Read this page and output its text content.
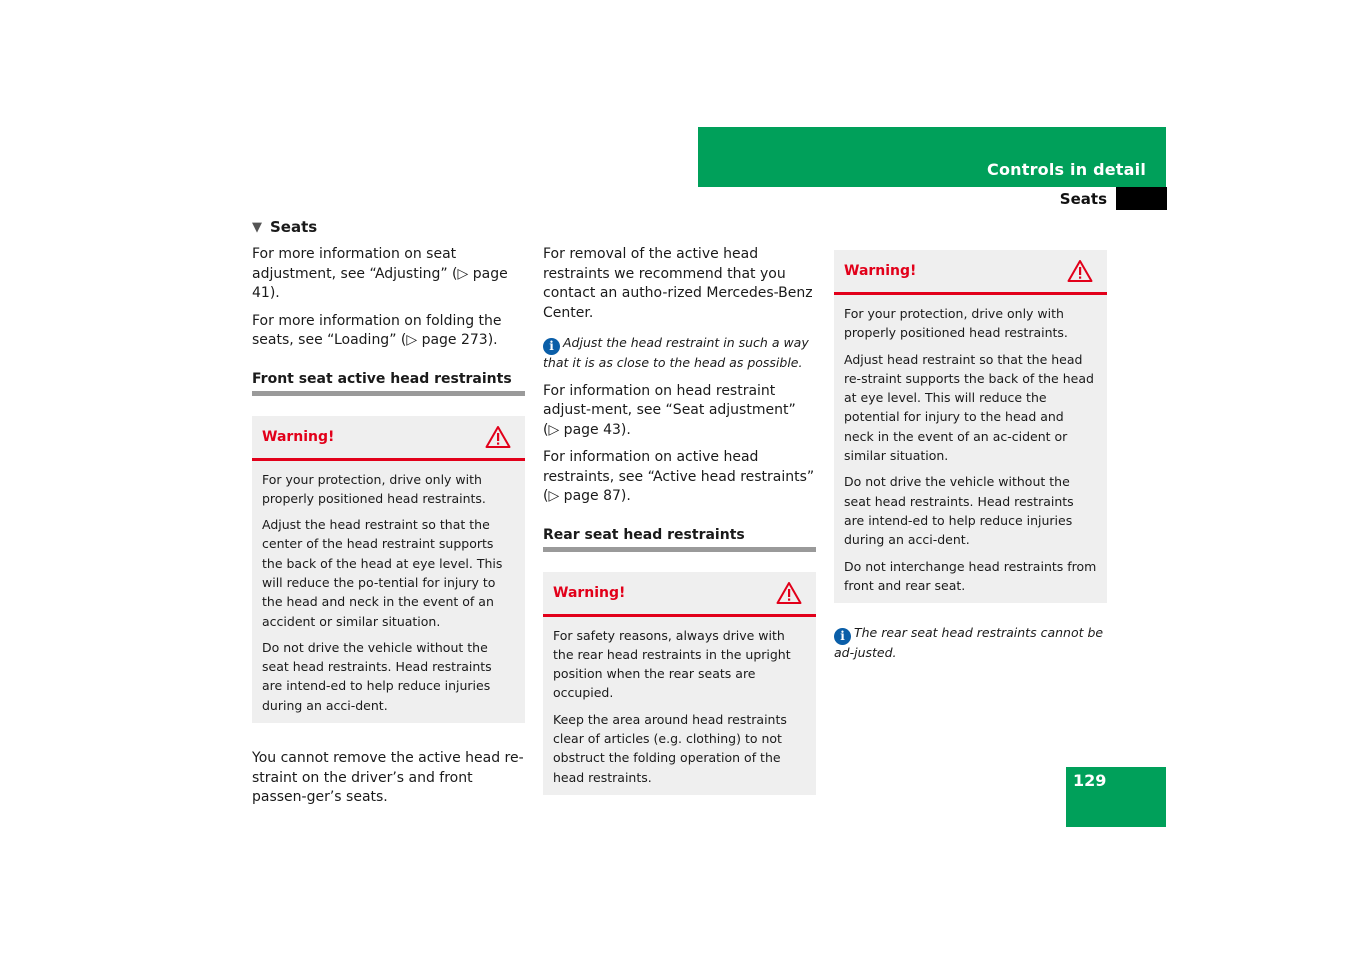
Controls in detail
Seats
▼ Seats

For more information on seat adjustment, see “Adjusting” (▷ page 41).

For more information on folding the seats, see “Loading” (▷ page 273).

Front seat active head restraints
Warning!

For your protection, drive only with properly positioned head restraints.

Adjust the head restraint so that the center of the head restraint supports the back of the head at eye level. This will reduce the po-tential for injury to the head and neck in the event of an accident or similar situation.

Do not drive the vehicle without the seat head restraints. Head restraints are intend-ed to help reduce injuries during an acci-dent.

You cannot remove the active head re-straint on the driver’s and front passen-ger’s seats.

For removal of the active head restraints we recommend that you contact an autho-rized Mercedes-Benz Center.

i Adjust the head restraint in such a way that it is as close to the head as possible.

For information on head restraint adjust-ment, see “Seat adjustment” (▷ page 43).

For information on active head restraints, see “Active head restraints” (▷ page 87).

Rear seat head restraints
Warning!

For safety reasons, always drive with the rear head restraints in the upright position when the rear seats are occupied.

Keep the area around head restraints clear of articles (e.g. clothing) to not obstruct the folding operation of the head restraints.

Warning!

For your protection, drive only with properly positioned head restraints.

Adjust head restraint so that the head re-straint supports the back of the head at eye level. This will reduce the potential for injury to the head and neck in the event of an ac-cident or similar situation.

Do not drive the vehicle without the seat head restraints. Head restraints are intend-ed to help reduce injuries during an acci-dent.

Do not interchange head restraints from front and rear seat.

i The rear seat head restraints cannot be ad-justed.

129
